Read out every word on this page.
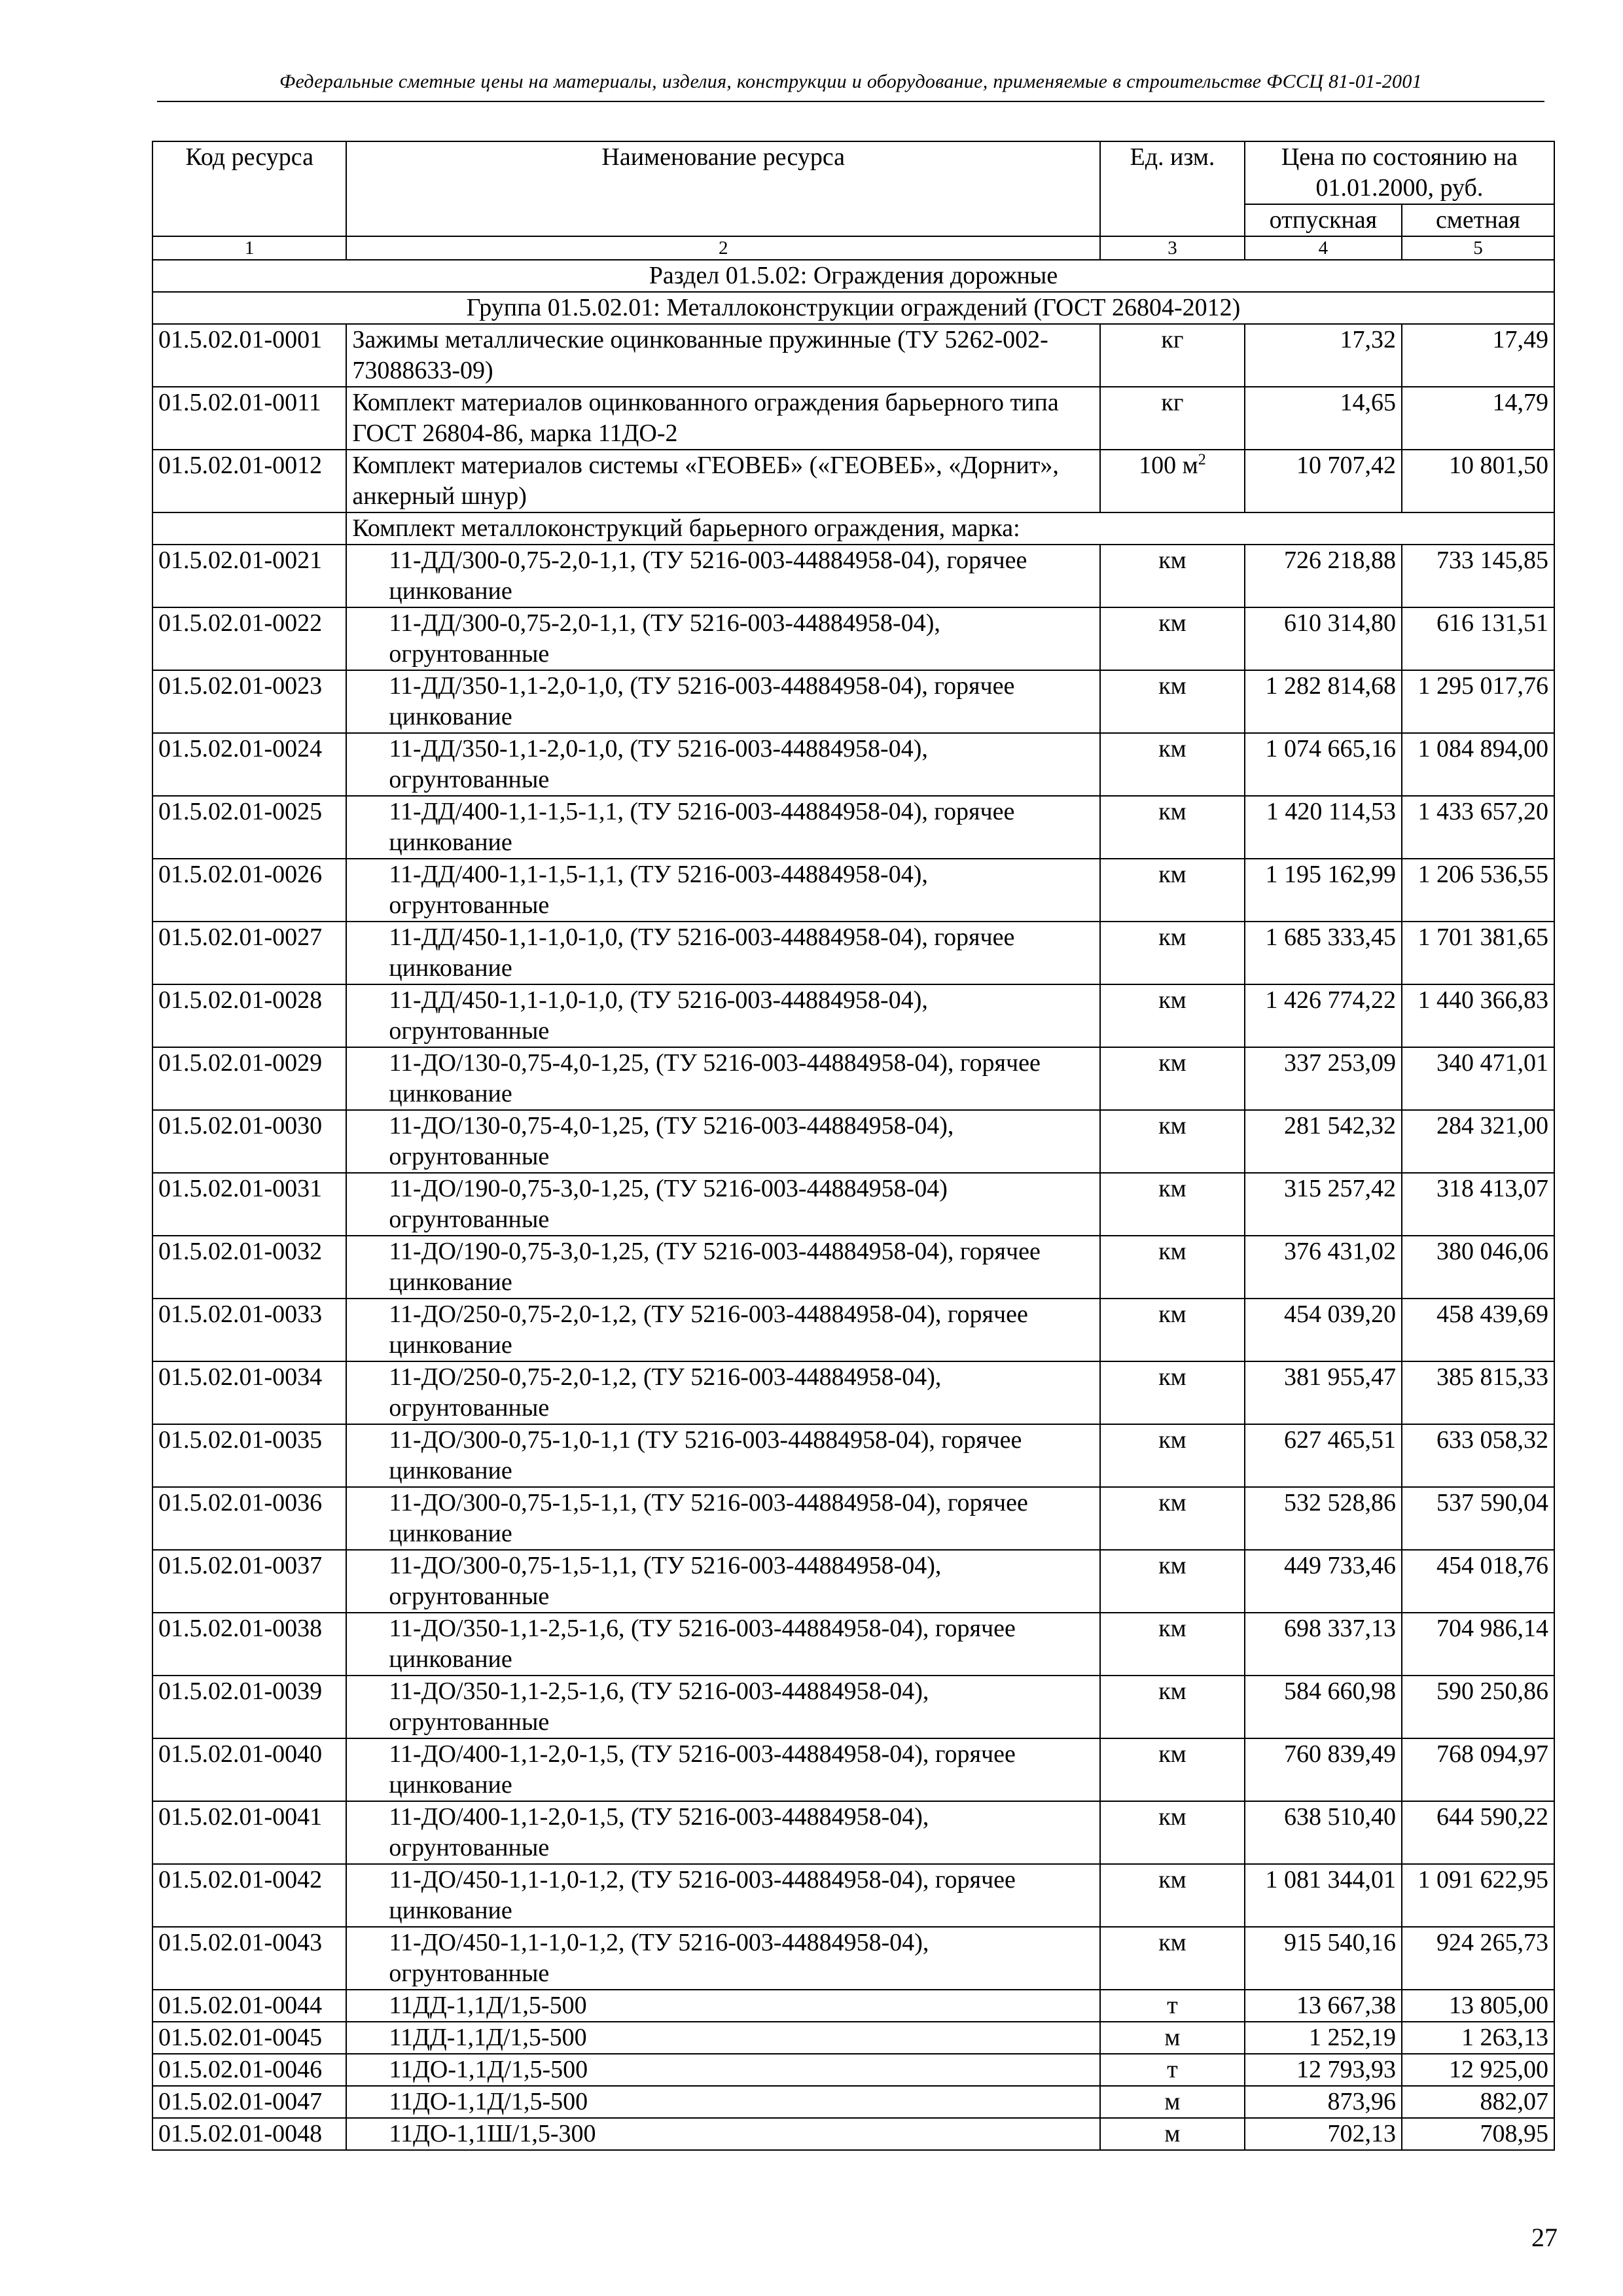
Федеральные сметные цены на материалы, изделия, конструкции и оборудование, применяемые в строительстве ФССЦ 81-01-2001
Код ресурса	Наименование ресурса	Ед. изм.	Цена по состоянию на 01.01.2000, руб.	
			отпускная	сметная
1	2	3	4	5
Раздел 01.5.02: Ограждения дорожные				
Группа 01.5.02.01: Металлоконструкции ограждений (ГОСТ 26804-2012)				
01.5.02.01-0001	Зажимы металлические оцинкованные пружинные (ТУ 5262-002- 73088633-09)	кг	17,32	17,49
01.5.02.01-0011	Комплект материалов оцинкованного ограждения барьерного типа ГОСТ 26804-86, марка 11ДО-2	кг	14,65	14,79
01.5.02.01-0012	Комплект материалов системы «ГЕОВЕБ» («ГЕОВЕБ», «Дорнит», анкерный шнур)	100 $м^2$	10 707,42	10 801,50
	Комплект металлоконструкций барьерного ограждения, марка:			
01.5.02.01-0021	11-ДД/300-0,75-2,0-1,1, (ТУ 5216-003-44884958-04), горячее цинкование	км	726 218,88	733 145,85
01.5.02.01-0022	11-ДД/300-0,75-2,0-1,1, (ТУ 5216-003-44884958-04), огрунтованные	км	610 314,80	616 131,51
01.5.02.01-0023	11-ДД/350-1,1-2,0-1,0, (ТУ 5216-003-44884958-04), горячее цинкование	км	1 282 814,68	1 295 017,76
01.5.02.01-0024	11-ДД/350-1,1-2,0-1,0, (ТУ 5216-003-44884958-04), огрунтованные	км	1 074 665,16	1 084 894,00
01.5.02.01-0025	11-ДД/400-1,1-1,5-1,1, (ТУ 5216-003-44884958-04), горячее цинкование	км	1 420 114,53	1 433 657,20
01.5.02.01-0026	11-ДД/400-1,1-1,5-1,1, (ТУ 5216-003-44884958-04), огрунтованные	км	1 195 162,99	1 206 536,55
01.5.02.01-0027	11-ДД/450-1,1-1,0-1,0, (ТУ 5216-003-44884958-04), горячее цинкование	км	1 685 333,45	1 701 381,65
01.5.02.01-0028	11-ДД/450-1,1-1,0-1,0, (ТУ 5216-003-44884958-04), огрунтованные	км	1 426 774,22	1 440 366,83
01.5.02.01-0029	11-ДО/130-0,75-4,0-1,25, (ТУ 5216-003-44884958-04), горячее цинкование	км	337 253,09	340 471,01
01.5.02.01-0030	11-ДО/130-0,75-4,0-1,25, (ТУ 5216-003-44884958-04), огрунтованные	км	281 542,32	284 321,00
01.5.02.01-0031	11-ДО/190-0,75-3,0-1,25, (ТУ 5216-003-44884958-04) огрунтованные	км	315 257,42	318 413,07
01.5.02.01-0032	11-ДО/190-0,75-3,0-1,25, (ТУ 5216-003-44884958-04), горячее цинкование	км	376 431,02	380 046,06
01.5.02.01-0033	11-ДО/250-0,75-2,0-1,2, (ТУ 5216-003-44884958-04), горячее цинкование	км	454 039,20	458 439,69
01.5.02.01-0034	11-ДО/250-0,75-2,0-1,2, (ТУ 5216-003-44884958-04), огрунтованные	км	381 955,47	385 815,33
01.5.02.01-0035	11-ДО/300-0,75-1,0-1,1 (ТУ 5216-003-44884958-04), горячее цинкование	км	627 465,51	633 058,32
01.5.02.01-0036	11-ДО/300-0,75-1,5-1,1, (ТУ 5216-003-44884958-04), горячее цинкование	км	532 528,86	537 590,04
01.5.02.01-0037	11-ДО/300-0,75-1,5-1,1, (ТУ 5216-003-44884958-04), огрунтованные	км	449 733,46	454 018,76
01.5.02.01-0038	11-ДО/350-1,1-2,5-1,6, (ТУ 5216-003-44884958-04), горячее цинкование	км	698 337,13	704 986,14
01.5.02.01-0039	11-ДО/350-1,1-2,5-1,6, (ТУ 5216-003-44884958-04), огрунтованные	км	584 660,98	590 250,86
01.5.02.01-0040	11-ДО/400-1,1-2,0-1,5, (ТУ 5216-003-44884958-04), горячее цинкование	км	760 839,49	768 094,97
01.5.02.01-0041	11-ДО/400-1,1-2,0-1,5, (ТУ 5216-003-44884958-04), огрунтованные	км	638 510,40	644 590,22
01.5.02.01-0042	11-ДО/450-1,1-1,0-1,2, (ТУ 5216-003-44884958-04), горячее цинкование	км	1 081 344,01	1 091 622,95
01.5.02.01-0043	11-ДО/450-1,1-1,0-1,2, (ТУ 5216-003-44884958-04), огрунтованные	км	915 540,16	924 265,73
01.5.02.01-0044	11ДД-1,1Д/1,5-500	т	13 667,38	13 805,00
01.5.02.01-0045	11ДД-1,1Д/1,5-500	м	1 252,19	1 263,13
01.5.02.01-0046	11ДО-1,1Д/1,5-500	т	12 793,93	12 925,00
01.5.02.01-0047	11ДО-1,1Д/1,5-500	м	873,96	882,07
01.5.02.01-0048	11ДО-1,1Ш/1,5-300	м	702,13	708,95
27
